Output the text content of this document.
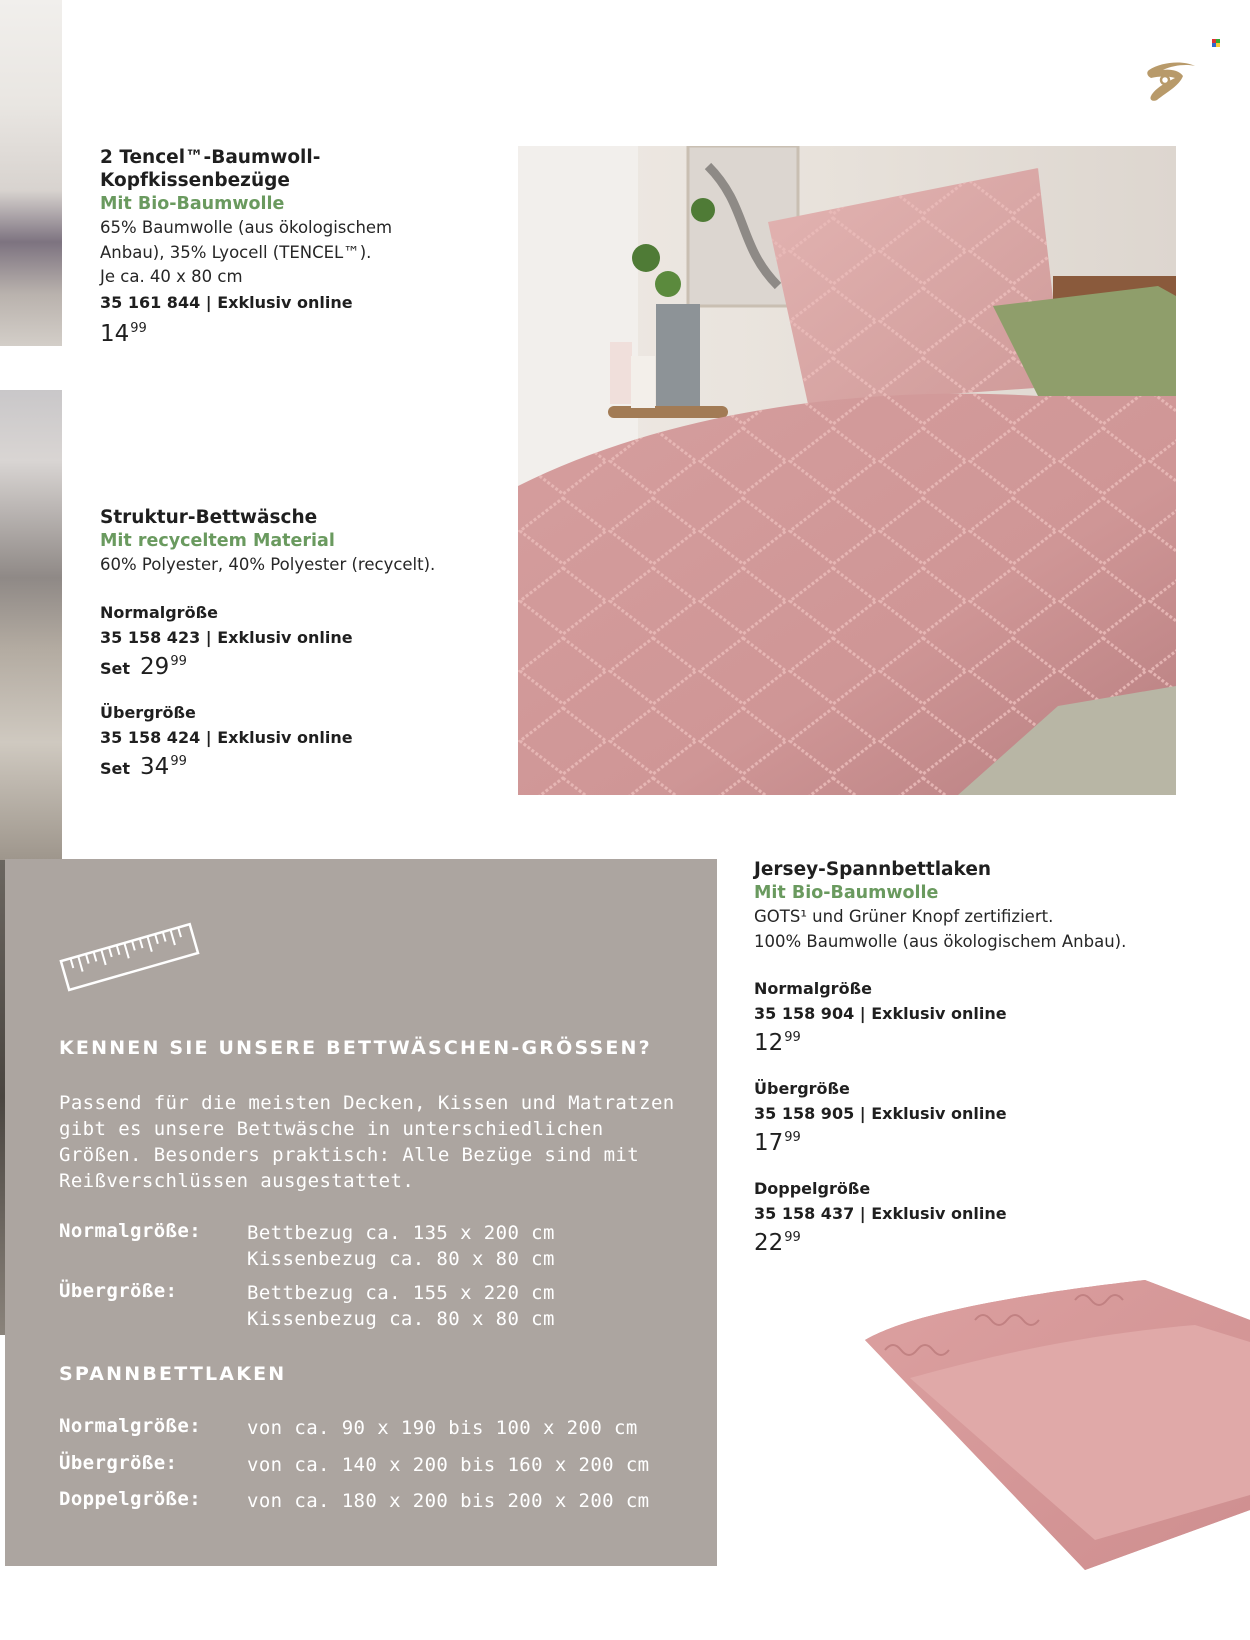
2 Tencel™-Baumwoll-
Kopfkissenbezüge
Mit Bio-Baumwolle
65% Baumwolle (aus ökologischem
Anbau), 35% Lyocell (TENCEL™).
Je ca. 40 x 80 cm
35 161 844 | Exklusiv online
$14^{99}$
Struktur-Bettwäsche
Mit recyceltem Material
60% Polyester, 40% Polyester (recycelt).
Normalgröße
35 158 423 | Exklusiv online
Set $29^{99}$
Übergröße
35 158 424 | Exklusiv online
Set $34^{99}$
KENNEN SIE UNSERE BETTWÄSCHEN-GRÖSSEN?
Passend für die meisten Decken, Kissen und Matratzen
gibt es unsere Bettwäsche in unterschiedlichen
Größen. Besonders praktisch: Alle Bezüge sind mit
Reißverschlüssen ausgestattet.
Normalgröße: Bettbezug ca. 135 x 200 cm
Kissenbezug ca. 80 x 80 cm
Übergröße:	Bettbezug ca. 155 x 220 cm
Kissenbezug ca. 80 x 80 cm
SPANNBETTLAKEN
Normalgröße: von ca. 90 x 190 bis 100 x 200 cm
Übergröße:	von ca. 140 x 200 bis 160 x 200 cm
Doppelgröße: von ca. 180 x 200 bis 200 x 200 cm
Jersey-Spannbettlaken
Mit Bio-Baumwolle
GOTS¹ und Grüner Knopf zertifiziert.
100% Baumwolle (aus ökologischem Anbau).
Normalgröße
35 158 904 | Exklusiv online
$12^{99}$
Übergröße
35 158 905 | Exklusiv online
$17^{99}$
Doppelgröße
35 158 437 | Exklusiv online
$22^{99}$
